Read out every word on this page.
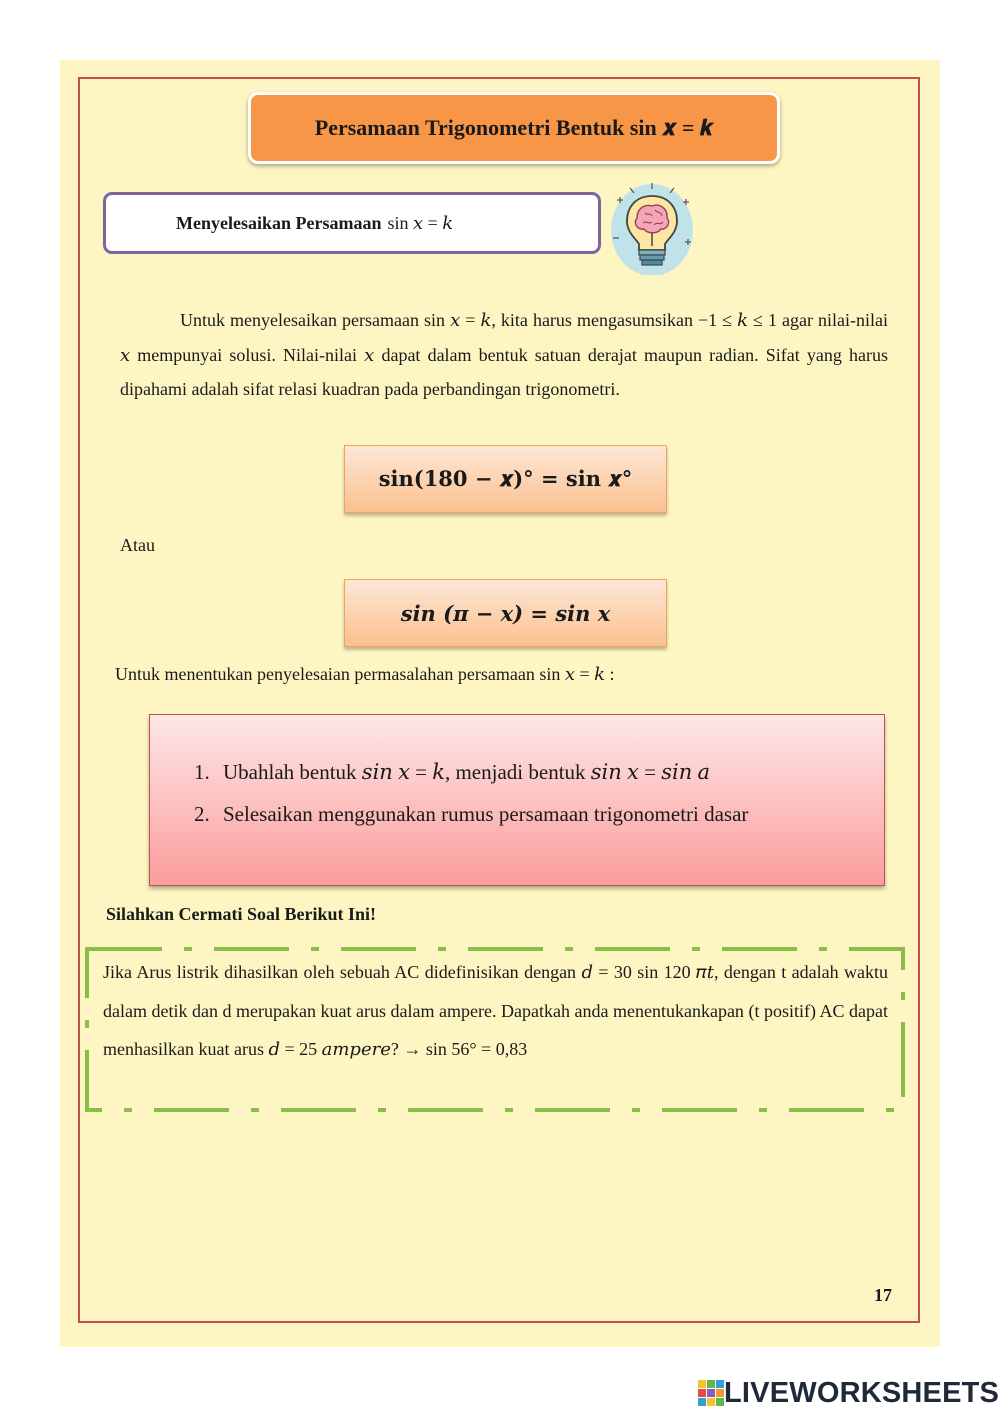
Persamaan Trigonometri Bentuk sin 𝒙 = 𝒌
Menyelesaikan Persamaan sin 𝑥 = 𝑘
Untuk menyelesaikan persamaan sin 𝑥 = 𝑘, kita harus mengasumsikan −1 ≤ 𝑘 ≤ 1 agar nilai-nilai 𝑥 mempunyai solusi. Nilai-nilai 𝑥 dapat dalam bentuk satuan derajat maupun radian. Sifat yang harus dipahami adalah sifat relasi kuadran pada perbandingan trigonometri.
sin(180 − 𝒙)° = sin 𝒙°
Atau
sin (π − x) = sin x
Untuk menentukan penyelesaian permasalahan persamaan sin 𝑥 = 𝑘 :
1. Ubahlah bentuk 𝑠𝑖𝑛 𝑥 = 𝑘, menjadi bentuk 𝑠𝑖𝑛 𝑥 = 𝑠𝑖𝑛 𝑎
2. Selesaikan menggunakan rumus persamaan trigonometri dasar
Silahkan Cermati Soal Berikut Ini!
Jika Arus listrik dihasilkan oleh sebuah AC didefinisikan dengan 𝑑 = 30 sin 120 𝜋𝑡, dengan t adalah waktu dalam detik dan d merupakan kuat arus dalam ampere. Dapatkah anda menentukankapan (t positif) AC dapat menhasilkan kuat arus 𝑑 = 25 𝑎𝑚𝑝𝑒𝑟𝑒? → sin 56° = 0,83
17
LIVEWORKSHEETS
